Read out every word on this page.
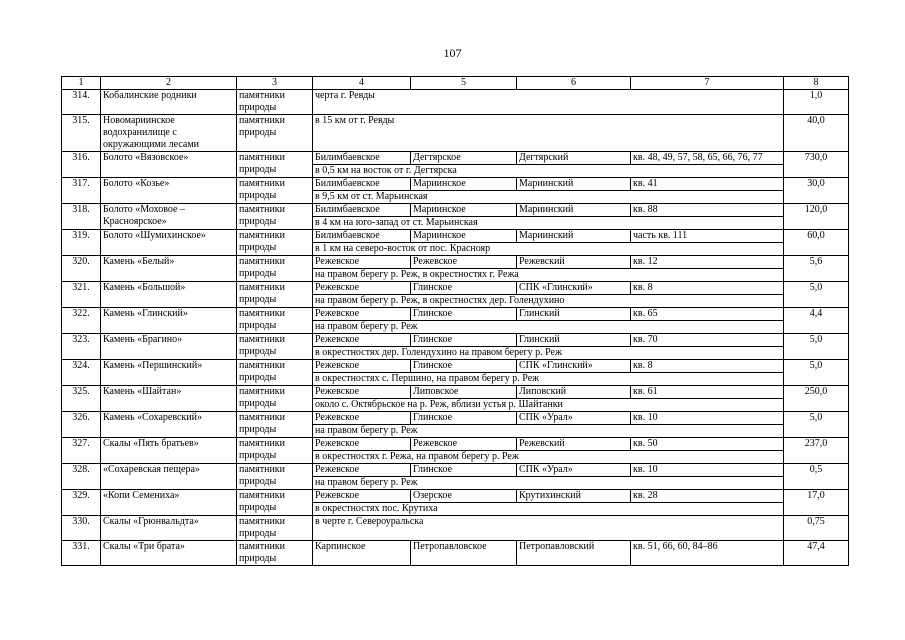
107
1	2	3	4	5	6	7	8
314.	Кобалинские родники	памятники природы	черта г. Ревды				1,0
315.	Новомариинское водохранилище с окружающими лесами	памятники природы	в 15 км от г. Ревды				40,0
316.	Болото «Вязовское»	памятники природы	Билимбаевское	Дегтярское	Дегтярский	кв. 48, 49, 57, 58, 65, 66, 76, 77	730,0
			в 0,5 км на восток от г. Дегтярска				
317.	Болото «Козье»	памятники природы	Билимбаевское	Мариинское	Мариинский	кв. 41	30,0
			в 9,5 км от ст. Марьинская				
318.	Болото «Моховое – Красноярское»	памятники природы	Билимбаевское	Мариинское	Мариинский	кв. 88	120,0
			в 4 км на юго-запад от ст. Марьинская				
319.	Болото «Шумихинское»	памятники природы	Билимбаевское	Мариинское	Мариинский	часть кв. 111	60,0
			в 1 км на северо-восток от пос. Краснояр				
320.	Камень «Белый»	памятники природы	Режевское	Режевское	Режевский	кв. 12	5,6
			на правом берегу р. Реж, в окрестностях г. Режа				
321.	Камень «Большой»	памятники природы	Режевское	Глинское	СПК «Глинский»	кв. 8	5,0
			на правом берегу р. Реж, в окрестностях дер. Голендухино				
322.	Камень «Глинский»	памятники природы	Режевское	Глинское	Глинский	кв. 65	4,4
			на правом берегу р. Реж				
323.	Камень «Брагино»	памятники природы	Режевское	Глинское	Глинский	кв. 70	5,0
			в окрестностях дер. Голендухино на правом берегу р. Реж				
324.	Камень «Першинский»	памятники природы	Режевское	Глинское	СПК «Глинский»	кв. 8	5,0
			в окрестностях с. Першино, на правом берегу р. Реж				
325.	Камень «Шайтан»	памятники природы	Режевское	Липовское	Липовский	кв. 61	250,0
			около с. Октябрьское на р. Реж, вблизи устья р. Шайтанки				
326.	Камень «Сохаревский»	памятники природы	Режевское	Глинское	СПК «Урал»	кв. 10	5,0
			на правом берегу р. Реж				
327.	Скалы «Пять братьев»	памятники природы	Режевское	Режевское	Режевский	кв. 50	237,0
			в окрестностях г. Режа, на правом берегу р. Реж				
328.	«Сохаревская пещера»	памятники природы	Режевское	Глинское	СПК «Урал»	кв. 10	0,5
			на правом берегу р. Реж				
329.	«Копи Семениха»	памятники природы	Режевское	Озерское	Крутихинский	кв. 28	17,0
			в окрестностях пос. Крутиха				
330.	Скалы «Грюнвальдта»	памятники природы	в черте г. Североуральска				0,75
331.	Скалы «Три брата»	памятники природы	Карпинское	Петропавловское	Петропавловский	кв. 51, 66, 60, 84–86	47,4
